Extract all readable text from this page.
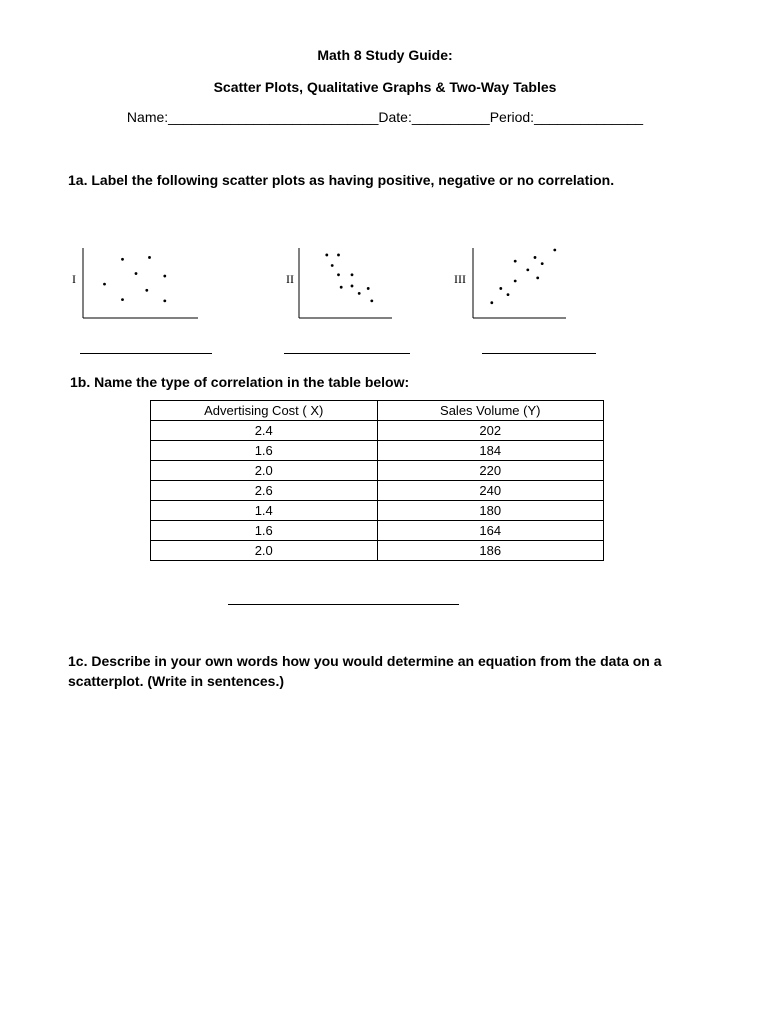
Math 8 Study Guide:
Scatter Plots, Qualitative Graphs & Two-Way Tables
Name:___________________________Date:__________Period:______________
1a. Label the following scatter plots as having positive, negative or no correlation.
I	II	III
1b. Name the type of correlation in the table below:
Advertising Cost ( X)	Sales Volume (Y)
2.4	202
1.6	184
2.0	220
2.6	240
1.4	180
1.6	164
2.0	186
1c. Describe in your own words how you would determine an equation from the data on a scatterplot. (Write in sentences.)
